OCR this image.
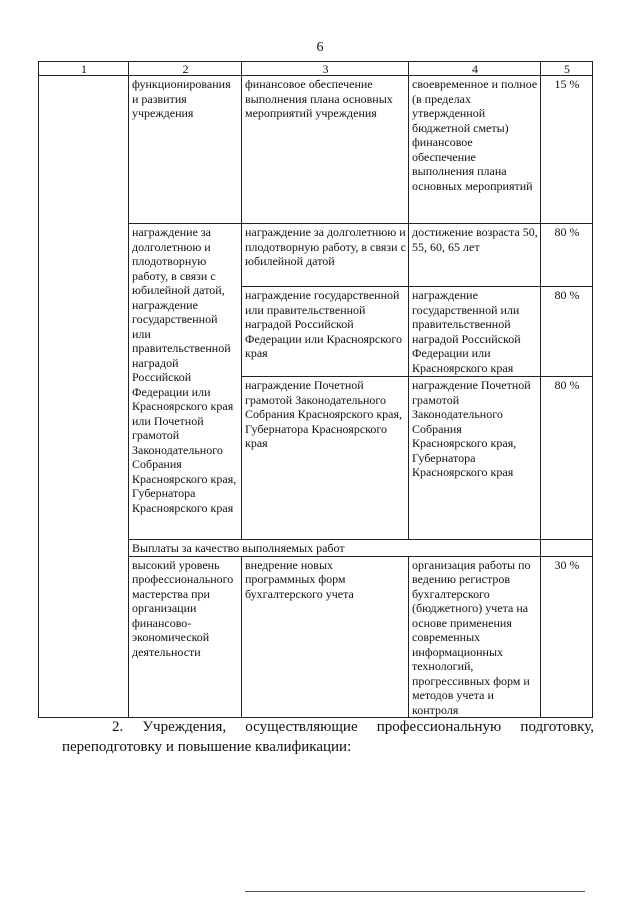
6
1	2	3	4	5
	функционирования и развития учреждения	финансовое обеспечение выполнения плана основных мероприятий учреждения	своевременное и полное (в пределах утвержденной бюджетной сметы) финансовое обеспечение выполнения плана основных мероприятий	15 %
	награждение за долголетнюю и плодотворную работу, в связи с юбилейной датой, награждение государственной или правительственной наградой Российской Федерации или Красноярского края или Почетной грамотой Законодательного Собрания Красноярского края, Губернатора Красноярского края	награждение за долголетнюю и плодотворную работу, в связи с юбилейной датой	достижение возраста 50, 55, 60, 65 лет	80 %
		награждение государственной или правительственной наградой Российской Федерации или Красноярского края	награждение государственной или правительственной наградой Российской Федерации или Красноярского края	80 %
		награждение Почетной грамотой Законодательного Собрания Красноярского края, Губернатора Красноярского края	награждение Почетной грамотой Законодательного Собрания Красноярского края, Губернатора Красноярского края	80 %
	Выплаты за качество выполняемых работ			
	высокий уровень профессионального мастерства при организации финансово-экономической деятельности	внедрение новых программных форм бухгалтерского учета	организация работы по ведению регистров бухгалтерского (бюджетного) учета на основе применения современных информационных технологий, прогрессивных форм и методов учета и контроля	30 %
2. Учреждения, осуществляющие профессиональную подготовку, переподготовку и повышение квалификации:
